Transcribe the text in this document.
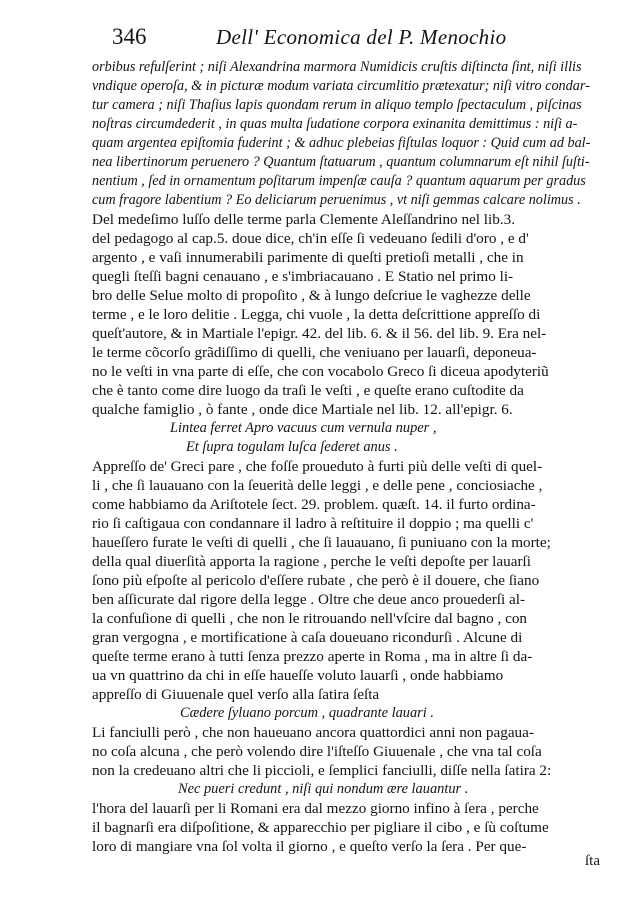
346	Dell' Economica del P. Menochio
orbibus refulſerint ; niſi Alexandrina marmora Numidicis cruſtis diſtincta ſint, niſi illis
vndique operoſa, & in picturæ modum variata circumlitio prætexatur; niſi vitro condar-
tur camera ; niſi Thaſius lapis quondam rerum in aliquo templo ſpectaculum , piſcinas
noſtras circumdederit , in quas multa ſudatione corpora exinanita demittimus : niſi a-
quam argentea epiſtomia fuderint ; & adhuc plebeias fiſtulas loquor : Quid cum ad bal-
nea libertinorum peruenero ? Quantum ſtatuarum , quantum columnarum eſt nihil ſuſti-
nentium , ſed in ornamentum poſitarum impenſæ cauſa ? quantum aquarum per gradus
cum fragore labentium ? Eo deliciarum peruenimus , vt niſi gemmas calcare nolimus .
Del medeſimo luſſo delle terme parla Clemente Aleſſandrino nel lib.3.
del pedagogo al cap.5. doue dice, ch'in eſſe ſi vedeuano ſedili d'oro , e d'
argento , e vaſi innumerabili parimente di queſti pretioſi metalli , che in
quegli ſteſſi bagni cenauano , e s'imbriacauano . E Statio nel primo li-
bro delle Selue molto di propoſito , & à lungo deſcriue le vaghezze delle
terme , e le loro delitie . Legga, chi vuole , la detta deſcrittione appreſſo di
queſt'autore, & in Martiale l'epigr. 42. del lib. 6. & il 56. del lib. 9. Era nel-
le terme cõcorſo grãdiſſimo di quelli, che veniuano per lauarſi, deponeua-
no le veſti in vna parte di eſſe, che con vocabolo Greco ſi diceua apodyteriũ
che è tanto come dire luogo da traſi le veſti , e queſte erano cuſtodite da
qualche famiglio , ò fante , onde dice Martiale nel lib. 12. all'epigr. 6.
Lintea ferret Apro vacuus cum vernula nuper ,
Et ſupra togulam luſca ſederet anus .
Appreſſo de' Greci pare , che foſſe proueduto à furti più delle veſti di quel-
li , che ſi lauauano con la ſeuerità delle leggi , e delle pene , conciosiache ,
come habbiamo da Ariſtotele ſect. 29. problem. quæſt. 14. il furto ordina-
rio ſi caſtigaua con condannare il ladro à reſtituire il doppio ; ma quelli c'
haueſſero furate le veſti di quelli , che ſi lauauano, ſi puniuano con la morte;
della qual diuerſità apporta la ragione , perche le veſti depoſte per lauarſi
ſono più eſpoſte al pericolo d'eſſere rubate , che però è il douere, che ſiano
ben aſſicurate dal rigore della legge . Oltre che deue anco prouederſi al-
la confuſione di quelli , che non le ritrouando nell'vſcire dal bagno , con
gran vergogna , e mortificatione à caſa doueuano ricondurſi . Alcune di
queſte terme erano à tutti ſenza prezzo aperte in Roma , ma in altre ſi da-
ua vn quattrino da chi in eſſe haueſſe voluto lauarſi , onde habbiamo
appreſſo di Giuuenale quel verſo alla ſatira ſeſta
Cædere ſyluano porcum , quadrante lauari .
Li fanciulli però , che non haueuano ancora quattordici anni non pagaua-
no coſa alcuna , che però volendo dire l'iſteſſo Giuuenale , che vna tal coſa
non la credeuano altri che li piccioli, e ſemplici fanciulli, diſſe nella ſatira 2:
Nec pueri credunt , niſi qui nondum ære lauantur .
l'hora del lauarſi per li Romani era dal mezzo giorno infino à ſera , perche
il bagnarſi era diſpoſitione, & apparecchio per pigliare il cibo , e ſù coſtume
loro di mangiare vna ſol volta il giorno , e queſto verſo la ſera . Per que-
ſta
